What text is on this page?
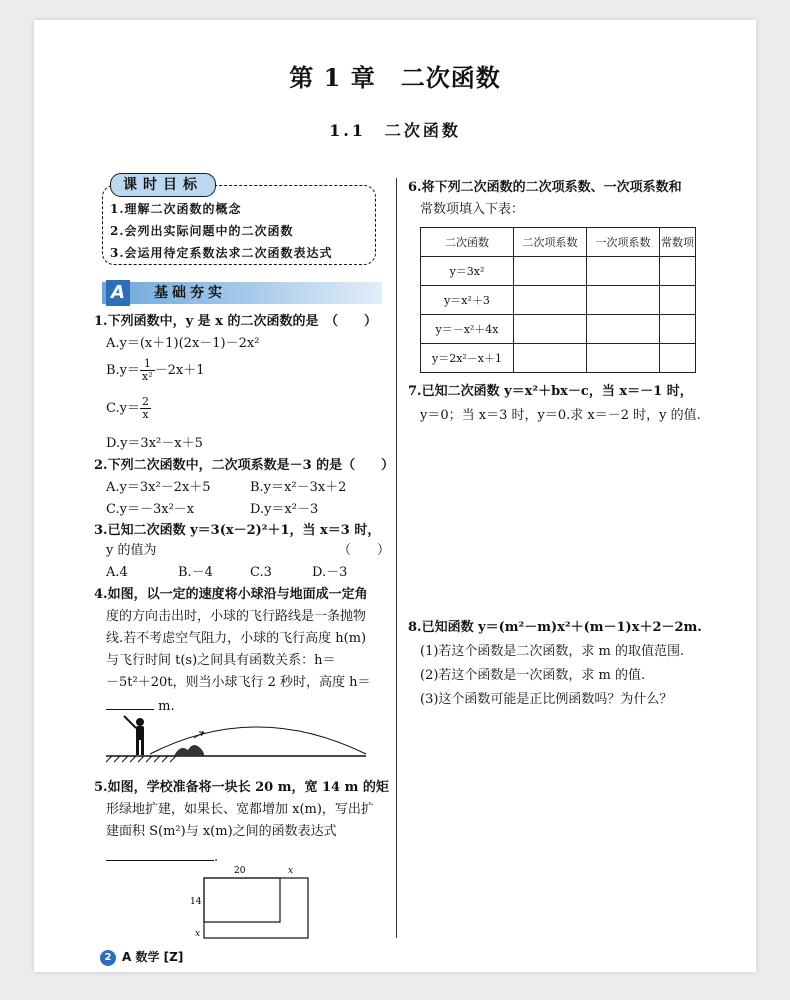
第 1 章　二次函数
1.1　二次函数
课时目标
1.理解二次函数的概念
2.会列出实际问题中的二次函数
3.会运用待定系数法求二次函数表达式
A	基础夯实
1.下列函数中，y 是 x 的二次函数的是　（　　）
A.y＝(x＋1)(2x－1)－2x²
$B.y= \frac{1}{\text{x²}} -2x+1$
$C.y= \frac{2}{x}$
D.y＝3x²－x＋5
2.下列二次函数中，二次项系数是－3 的是（　　）
A.y＝3x²－2x＋5	B.y＝x²－3x＋2
C.y＝－3x²－x	D.y＝x²－3
3.已知二次函数 y＝3(x－2)²＋1，当 x＝3 时，
y 的值为	（　　）
A.4	B.－4	C.3	D.－3
4.如图，以一定的速度将小球沿与地面成一定角
度的方向击出时，小球的飞行路线是一条抛物
线.若不考虑空气阻力，小球的飞行高度 h(m)
与飞行时间 t(s)之间具有函数关系：h＝
－5t²＋20t，则当小球飞行 2 秒时，高度 h＝
m.
5.如图，学校准备将一块长 20 m，宽 14 m 的矩
形绿地扩建，如果长、宽都增加 x(m)，写出扩
建面积 S(m²)与 x(m)之间的函数表达式
.
20	x
14
x
6.将下列二次函数的二次项系数、一次项系数和
常数项填入下表：
二次函数	二次项系数	一次项系数	常数项
y＝3x²			
y＝x²＋3			
y＝－x²＋4x			
y＝2x²－x＋1			
7.已知二次函数 y＝x²＋bx－c，当 x＝－1 时，
y＝0；当 x＝3 时，y＝0.求 x＝－2 时，y 的值.
8.已知函数 y＝(m²－m)x²＋(m－1)x＋2－2m.
(1)若这个函数是二次函数，求 m 的取值范围.
(2)若这个函数是一次函数，求 m 的值.
(3)这个函数可能是正比例函数吗？为什么？
2 A 数学 [Z]
